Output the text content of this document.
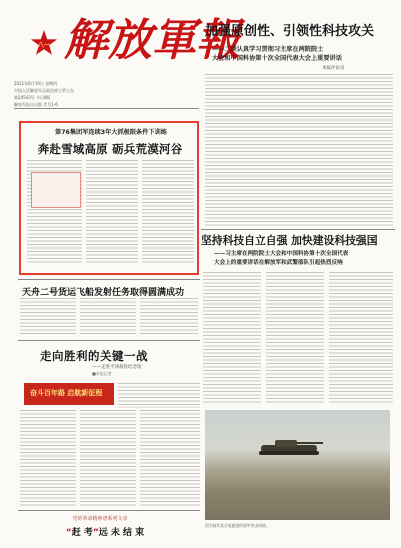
八一 解放軍報
2021年6月10日 星期四
中国人民解放军总政治部主管主办
第24543号 今日8版
解放军报社出版 代号1-6
加强原创性、引领性科技攻关
——二谈认真学习贯彻习主席在两院院士
大会和中国科协第十次全国代表大会上重要讲话
本报评论员
第76集团军连续3年大抓极限条件下训练
奔赴雪域高原 砺兵荒漠河谷
坚持科技自立自强 加快建设科技强国
——习主席在两院院士大会和中国科协第十次全国代表
大会上的重要讲话在解放军和武警部队引起热烈反响
天舟二号货运飞船发射任务取得圆满成功
走向胜利的关键一战
——走进平津战役纪念馆
■本报记者
奋斗百年路 启航新征程
图为陆军某合成旅组织装甲突击训练。
党的革命精神谱系列文章
“赶 考”远 未 结 束
